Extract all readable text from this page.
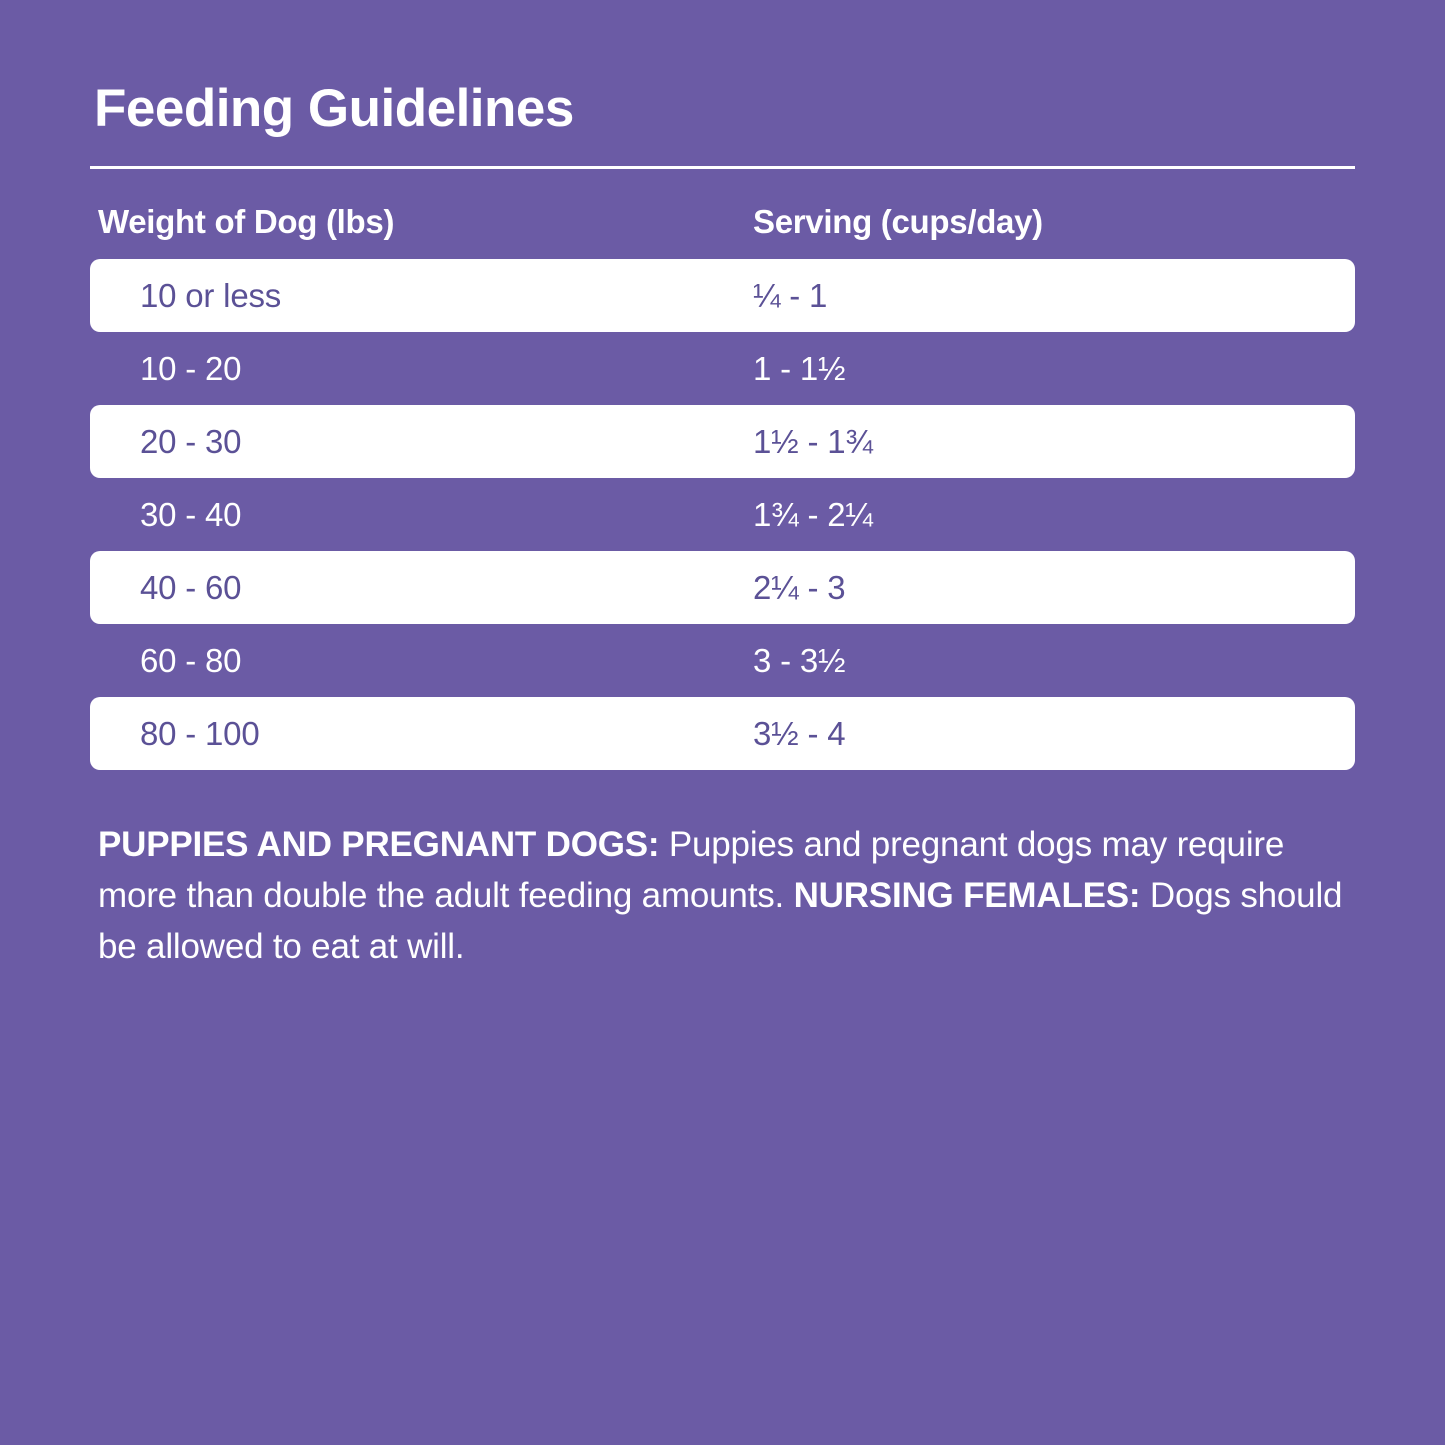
Feeding Guidelines
Weight of Dog (lbs)	Serving (cups/day)
10 or less	¼ - 1
10 - 20	1 - 1½
20 - 30	1½ - 1¾
30 - 40	1¾ - 2¼
40 - 60	2¼ - 3
60 - 80	3 - 3½
80 - 100	3½ - 4

PUPPIES AND PREGNANT DOGS: Puppies and pregnant dogs may require more than double the adult feeding amounts. NURSING FEMALES: Dogs should be allowed to eat at will.
